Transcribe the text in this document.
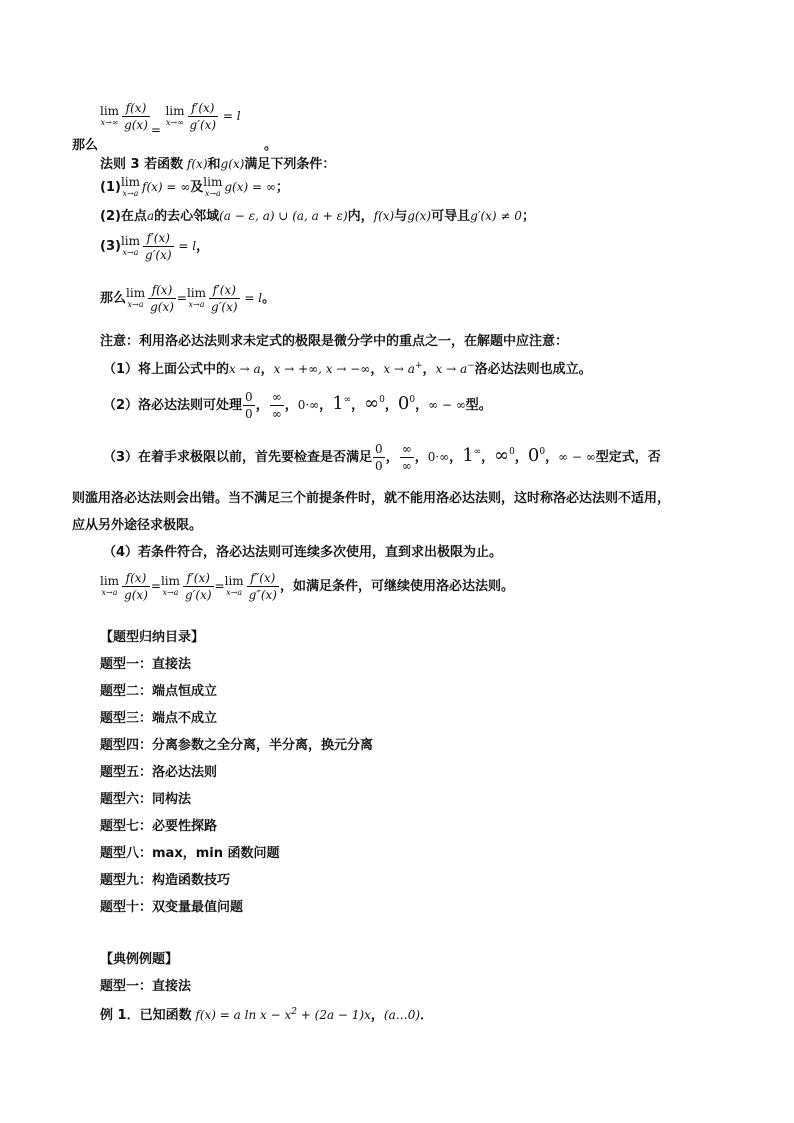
lim
$x\to\infty \frac{f(x)}{g(x)}$ =
lim
$x\to\infty \frac{f'(x)}{g'(x)} = l$
那么	。
法则 3 若函数 f(x)和g(x)满足下列条件：
(1) lim
x→a f(x) = ∞及 lim
x→a g(x) = ∞；
(2)在点a的去心邻域(a − ε, a) ∪ (a, a + ε)内，f(x)与g(x)可导且g′(x) ≠ 0；
(3) lim
$x\to a \frac{f'(x)}{g'(x)} = l$，
那么 lim
$x\to a \frac{f(x)}{g(x)} = \lim$
$x\to a \frac{f'(x)}{g'(x)} = l$。
注意：利用洛必达法则求未定式的极限是微分学中的重点之一，在解题中应注意：
（1）将上面公式中的x → a，x → +∞, x → −∞，x → a+，x → a−洛必达法则也成立。
（2）洛必达法则可处理 $\frac{0}{0}$ ， $\frac{\infty}{\infty}$ ，0·∞，1∞，∞$^0$，$0^0$，∞ − ∞型。
（3）在着手求极限以前，首先要检查是否满足 $\frac{0}{0}$ ， $\frac{\infty}{\infty}$ ，0·∞，1∞，∞$^0$，$0^0$，∞ − ∞型定式，否
则滥用洛必达法则会出错。当不满足三个前提条件时，就不能用洛必达法则，这时称洛必达法则不适用，
应从另外途径求极限。
（4）若条件符合，洛必达法则可连续多次使用，直到求出极限为止。
lim
$x\to a \frac{f(x)}{g(x)} = \lim$
$x\to a \frac{f'(x)}{g'(x)} = \lim$
$x\to a \frac{f''(x)}{g''(x)}$ ，如满足条件，可继续使用洛必达法则。
【题型归纳目录】
题型一：直接法
题型二：端点恒成立
题型三：端点不成立
题型四：分离参数之全分离，半分离，换元分离
题型五：洛必达法则
题型六：同构法
题型七：必要性探路
题型八：max，min 函数问题
题型九：构造函数技巧
题型十：双变量最值问题
【典例例题】
题型一：直接法
例 1．已知函数 f(x) = a $\ln x - x^2 + (2a - 1)x$，(a…0)．
